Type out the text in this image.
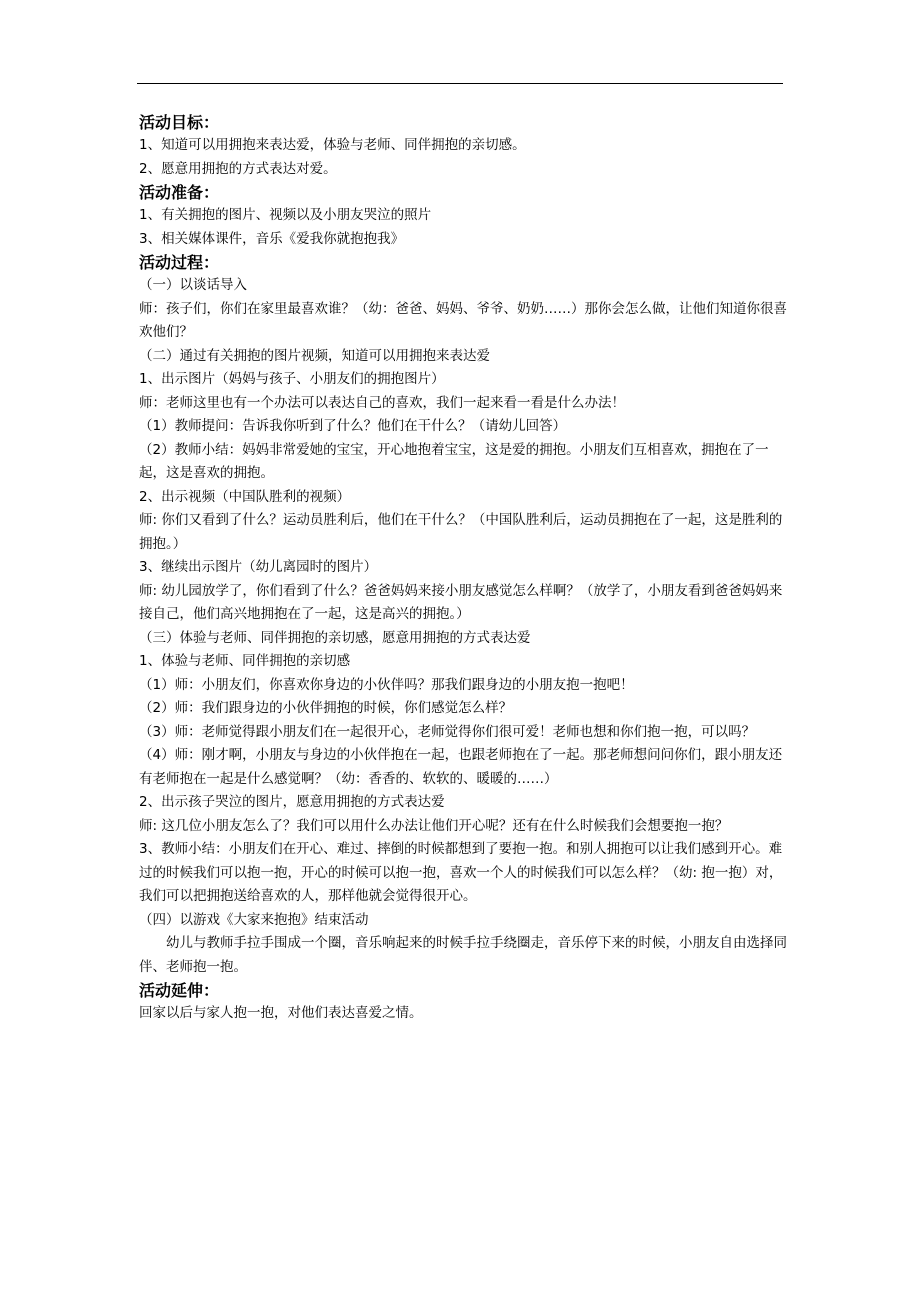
活动目标：

1、知道可以用拥抱来表达爱，体验与老师、同伴拥抱的亲切感。

2、愿意用拥抱的方式表达对爱。

活动准备：

1、有关拥抱的图片、视频以及小朋友哭泣的照片

3、相关媒体课件，音乐《爱我你就抱抱我》

活动过程：

（一）以谈话导入

师：孩子们，你们在家里最喜欢谁？（幼：爸爸、妈妈、爷爷、奶奶……）那你会怎么做，让他们知道你很喜欢他们？

（二）通过有关拥抱的图片视频，知道可以用拥抱来表达爱

1、出示图片（妈妈与孩子、小朋友们的拥抱图片）

师：老师这里也有一个办法可以表达自己的喜欢，我们一起来看一看是什么办法！

（1）教师提问：告诉我你听到了什么？他们在干什么？（请幼儿回答）

（2）教师小结：妈妈非常爱她的宝宝，开心地抱着宝宝，这是爱的拥抱。小朋友们互相喜欢，拥抱在了一起，这是喜欢的拥抱。

2、出示视频（中国队胜利的视频）

师: 你们又看到了什么？运动员胜利后，他们在干什么？（中国队胜利后，运动员拥抱在了一起，这是胜利的拥抱。）

3、继续出示图片（幼儿离园时的图片）

师: 幼儿园放学了，你们看到了什么？爸爸妈妈来接小朋友感觉怎么样啊？（放学了，小朋友看到爸爸妈妈来接自己，他们高兴地拥抱在了一起，这是高兴的拥抱。）

（三）体验与老师、同伴拥抱的亲切感，愿意用拥抱的方式表达爱

1、体验与老师、同伴拥抱的亲切感

（1）师：小朋友们，你喜欢你身边的小伙伴吗？那我们跟身边的小朋友抱一抱吧！

（2）师：我们跟身边的小伙伴拥抱的时候，你们感觉怎么样？

（3）师：老师觉得跟小朋友们在一起很开心，老师觉得你们很可爱！老师也想和你们抱一抱，可以吗？

（4）师：刚才啊，小朋友与身边的小伙伴抱在一起，也跟老师抱在了一起。那老师想问问你们，跟小朋友还有老师抱在一起是什么感觉啊？（幼：香香的、软软的、暖暖的……）

2、出示孩子哭泣的图片，愿意用拥抱的方式表达爱

师: 这几位小朋友怎么了？我们可以用什么办法让他们开心呢？还有在什么时候我们会想要抱一抱？

3、教师小结：小朋友们在开心、难过、摔倒的时候都想到了要抱一抱。和别人拥抱可以让我们感到开心。难过的时候我们可以抱一抱，开心的时候可以抱一抱，喜欢一个人的时候我们可以怎么样？（幼: 抱一抱）对，我们可以把拥抱送给喜欢的人，那样他就会觉得很开心。

（四）以游戏《大家来抱抱》结束活动

幼儿与教师手拉手围成一个圈，音乐响起来的时候手拉手绕圈走，音乐停下来的时候，小朋友自由选择同伴、老师抱一抱。

活动延伸：

回家以后与家人抱一抱，对他们表达喜爱之情。
